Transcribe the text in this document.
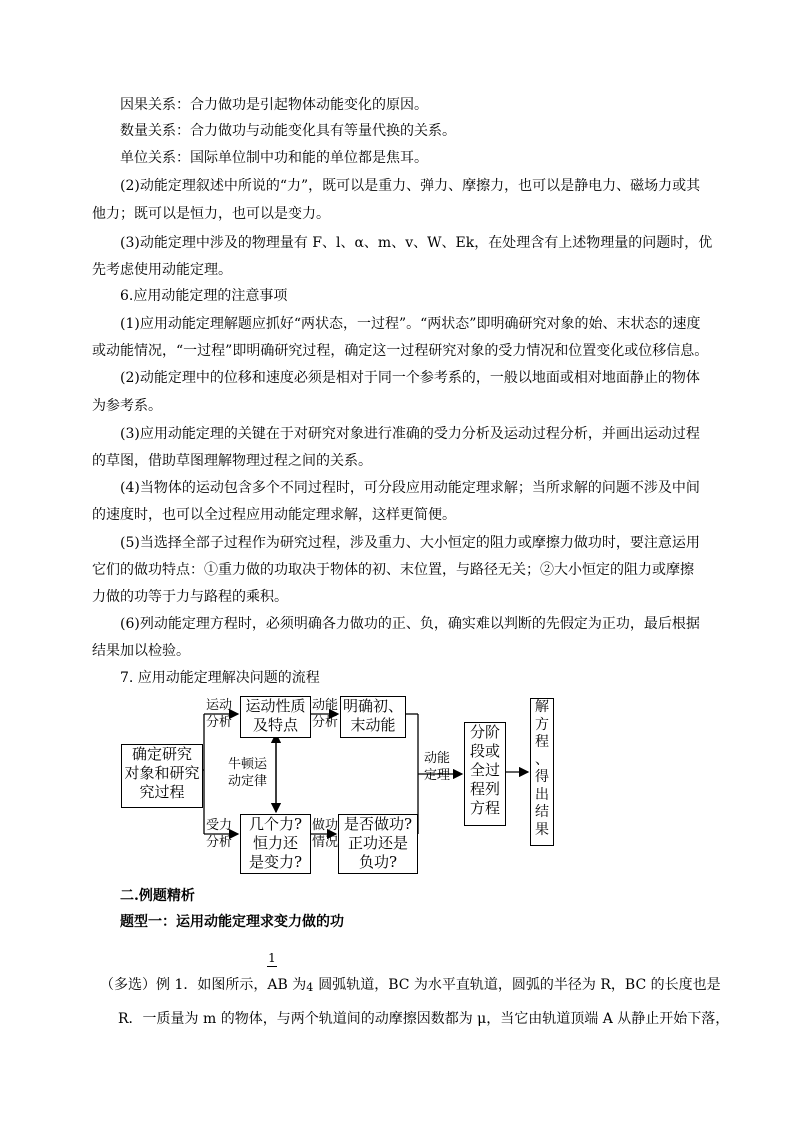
因果关系：合力做功是引起物体动能变化的原因。
数量关系：合力做功与动能变化具有等量代换的关系。
单位关系：国际单位制中功和能的单位都是焦耳。
(2)动能定理叙述中所说的“力”，既可以是重力、弹力、摩擦力，也可以是静电力、磁场力或其
他力；既可以是恒力，也可以是变力。
(3)动能定理中涉及的物理量有 F、l、α、m、v、W、Ek，在处理含有上述物理量的问题时，优
先考虑使用动能定理。
6.应用动能定理的注意事项
(1)应用动能定理解题应抓好“两状态，一过程”。“两状态”即明确研究对象的始、末状态的速度
或动能情况，“一过程”即明确研究过程，确定这一过程研究对象的受力情况和位置变化或位移信息。
(2)动能定理中的位移和速度必须是相对于同一个参考系的，一般以地面或相对地面静止的物体
为参考系。
(3)应用动能定理的关键在于对研究对象进行准确的受力分析及运动过程分析，并画出运动过程
的草图，借助草图理解物理过程之间的关系。
(4)当物体的运动包含多个不同过程时，可分段应用动能定理求解；当所求解的问题不涉及中间
的速度时，也可以全过程应用动能定理求解，这样更简便。
(5)当选择全部子过程作为研究过程，涉及重力、大小恒定的阻力或摩擦力做功时，要注意运用
它们的做功特点：①重力做的功取决于物体的初、末位置，与路径无关；②大小恒定的阻力或摩擦
力做的功等于力与路程的乘积。
(6)列动能定理方程时，必须明确各力做功的正、负，确实难以判断的先假定为正功，最后根据
结果加以检验。
7. 应用动能定理解决问题的流程
确定研究
对象和研究
究过程
运动性质
及特点
明确初、
末动能
几个力?
恒力还
是变力?
是否做功?
正功还是
负功?
分阶
段或
全过
程列
方程
解
方
程
、
得
出
结
果
运动
分析
动能
分析
牛顿运
动定律
受力
分析
做功
情况
动能
定理
二.例题精析
题型一：运用动能定理求变力做的功
1
（多选）例 1．如图所示，AB 为4 圆弧轨道，BC 为水平直轨道，圆弧的半径为 R，BC 的长度也是
R．一质量为 m 的物体，与两个轨道间的动摩擦因数都为 μ，当它由轨道顶端 A 从静止开始下落，
